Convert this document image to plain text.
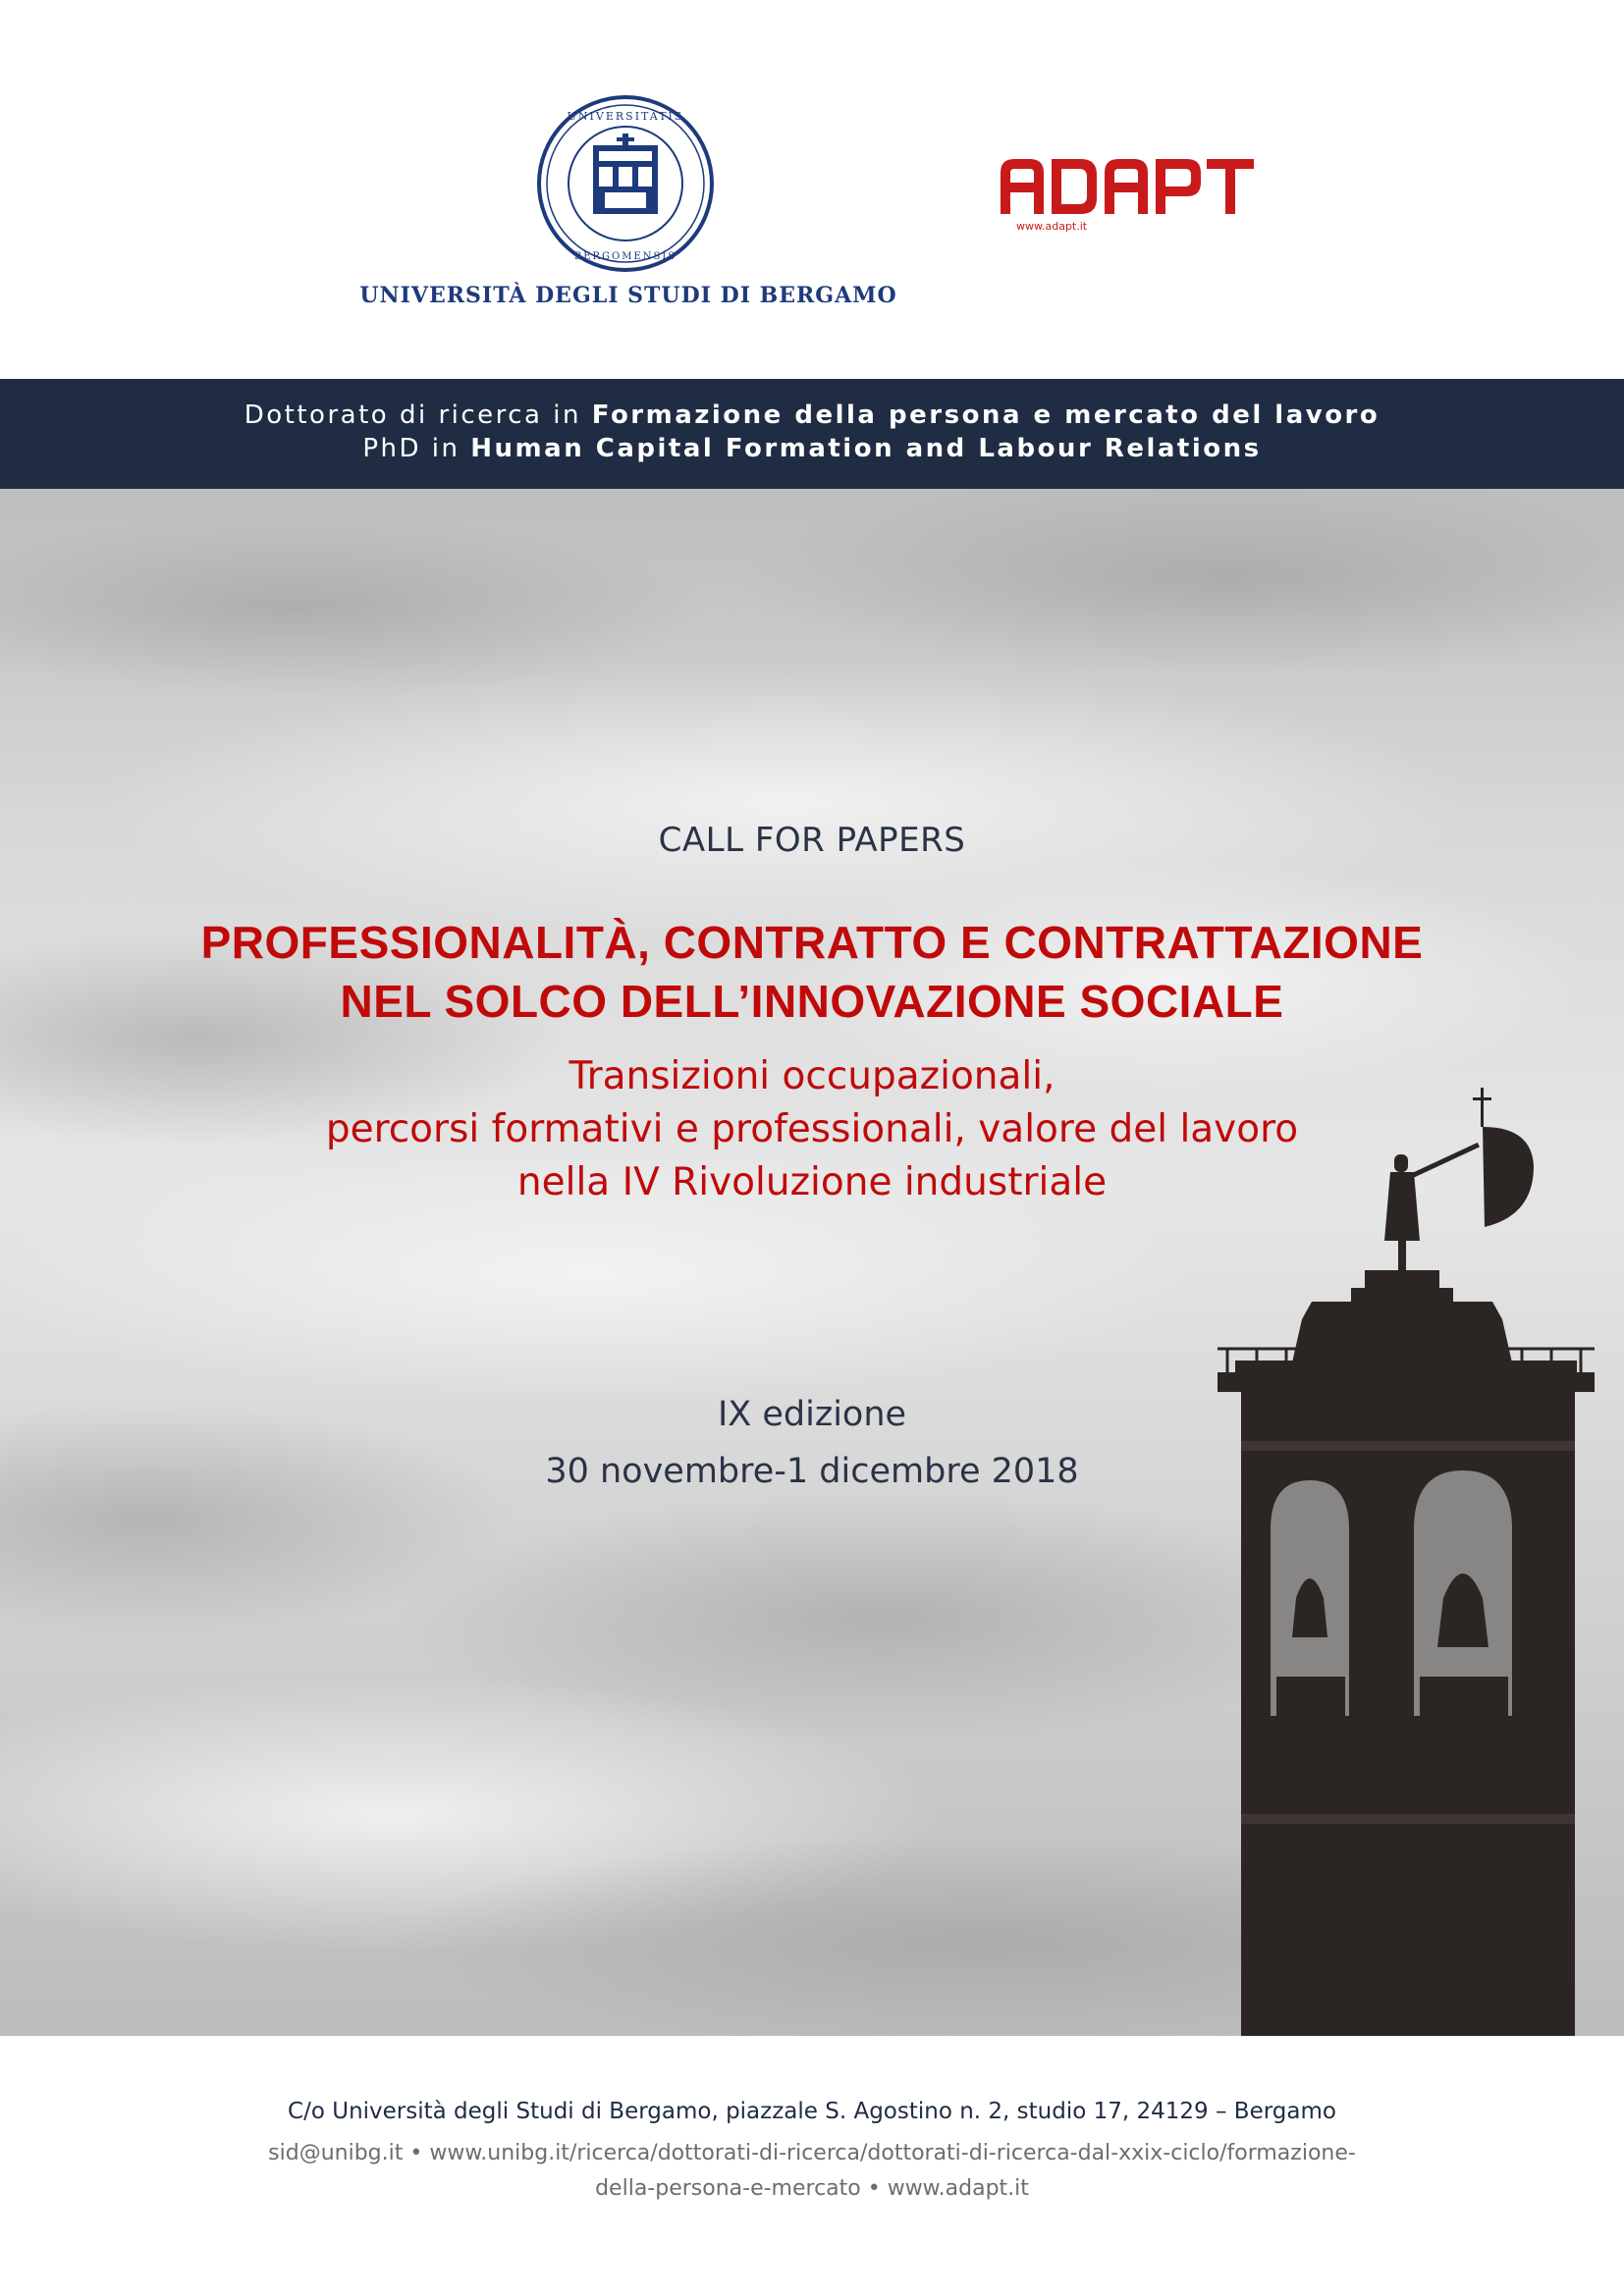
UNIVERSITATIS
BERGOMENSIS
UNIVERSITÀ DEGLI STUDI DI BERGAMO
www.adapt.it
Dottorato di ricerca in Formazione della persona e mercato del lavoro
PhD in Human Capital Formation and Labour Relations
CALL FOR PAPERS
PROFESSIONALITÀ, CONTRATTO E CONTRATTAZIONE
NEL SOLCO DELL’INNOVAZIONE SOCIALE
Transizioni occupazionali,
percorsi formativi e professionali, valore del lavoro
nella IV Rivoluzione industriale
IX edizione
30 novembre-1 dicembre 2018
C/o Università degli Studi di Bergamo, piazzale S. Agostino n. 2, studio 17, 24129 – Bergamo
sid@unibg.it • www.unibg.it/ricerca/dottorati-di-ricerca/dottorati-di-ricerca-dal-xxix-ciclo/formazione-
della-persona-e-mercato • www.adapt.it
